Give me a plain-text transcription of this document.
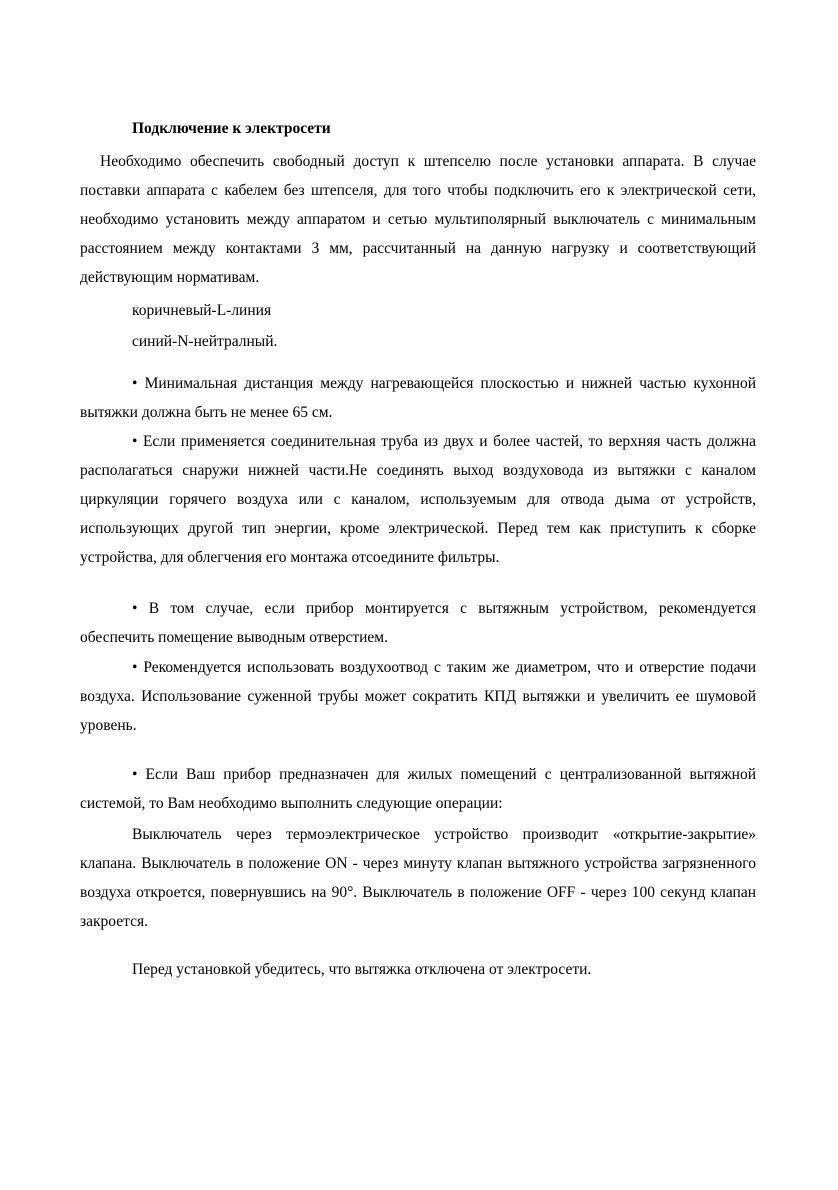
Подключение к электросети

Необходимо обеспечить свободный доступ к штепселю после установки аппарата. В случае поставки аппарата с кабелем без штепселя, для того чтобы подключить его к электрической сети, необходимо установить между аппаратом и сетью мультиполярный выключатель с минимальным расстоянием между контактами 3 мм, рассчитанный на данную нагрузку и соответствующий действующим нормативам.

коричневый-L-линия

синий-N-нейтралный.

• Минимальная дистанция между нагревающейся плоскостью и нижней частью кухонной вытяжки должна быть не менее 65 см.

• Если применяется соединительная труба из двух и более частей, то верхняя часть должна располагаться снаружи нижней части.Не соединять выход воздуховода из вытяжки с каналом циркуляции горячего воздуха или с каналом, используемым для отвода дыма от устройств, использующих другой тип энергии, кроме электрической. Перед тем как приступить к сборке устройства, для облегчения его монтажа отсоедините фильтры.

• В том случае, если прибор монтируется с вытяжным устройством, рекомендуется обеспечить помещение выводным отверстием.

• Рекомендуется использовать воздухоотвод с таким же диаметром, что и отверстие подачи воздуха. Использование суженной трубы может сократить КПД вытяжки и увеличить ее шумовой уровень.

• Если Ваш прибор предназначен для жилых помещений с централизованной вытяжной системой, то Вам необходимо выполнить следующие операции:

Выключатель через термоэлектрическое устройство производит «открытие-закрытие» клапана. Выключатель в положение ON - через минуту клапан вытяжного устройства загрязненного воздуха откроется, повернувшись на 90°. Выключатель в положение OFF - через 100 секунд клапан закроется.

Перед установкой убедитесь, что вытяжка отключена от электросети.
